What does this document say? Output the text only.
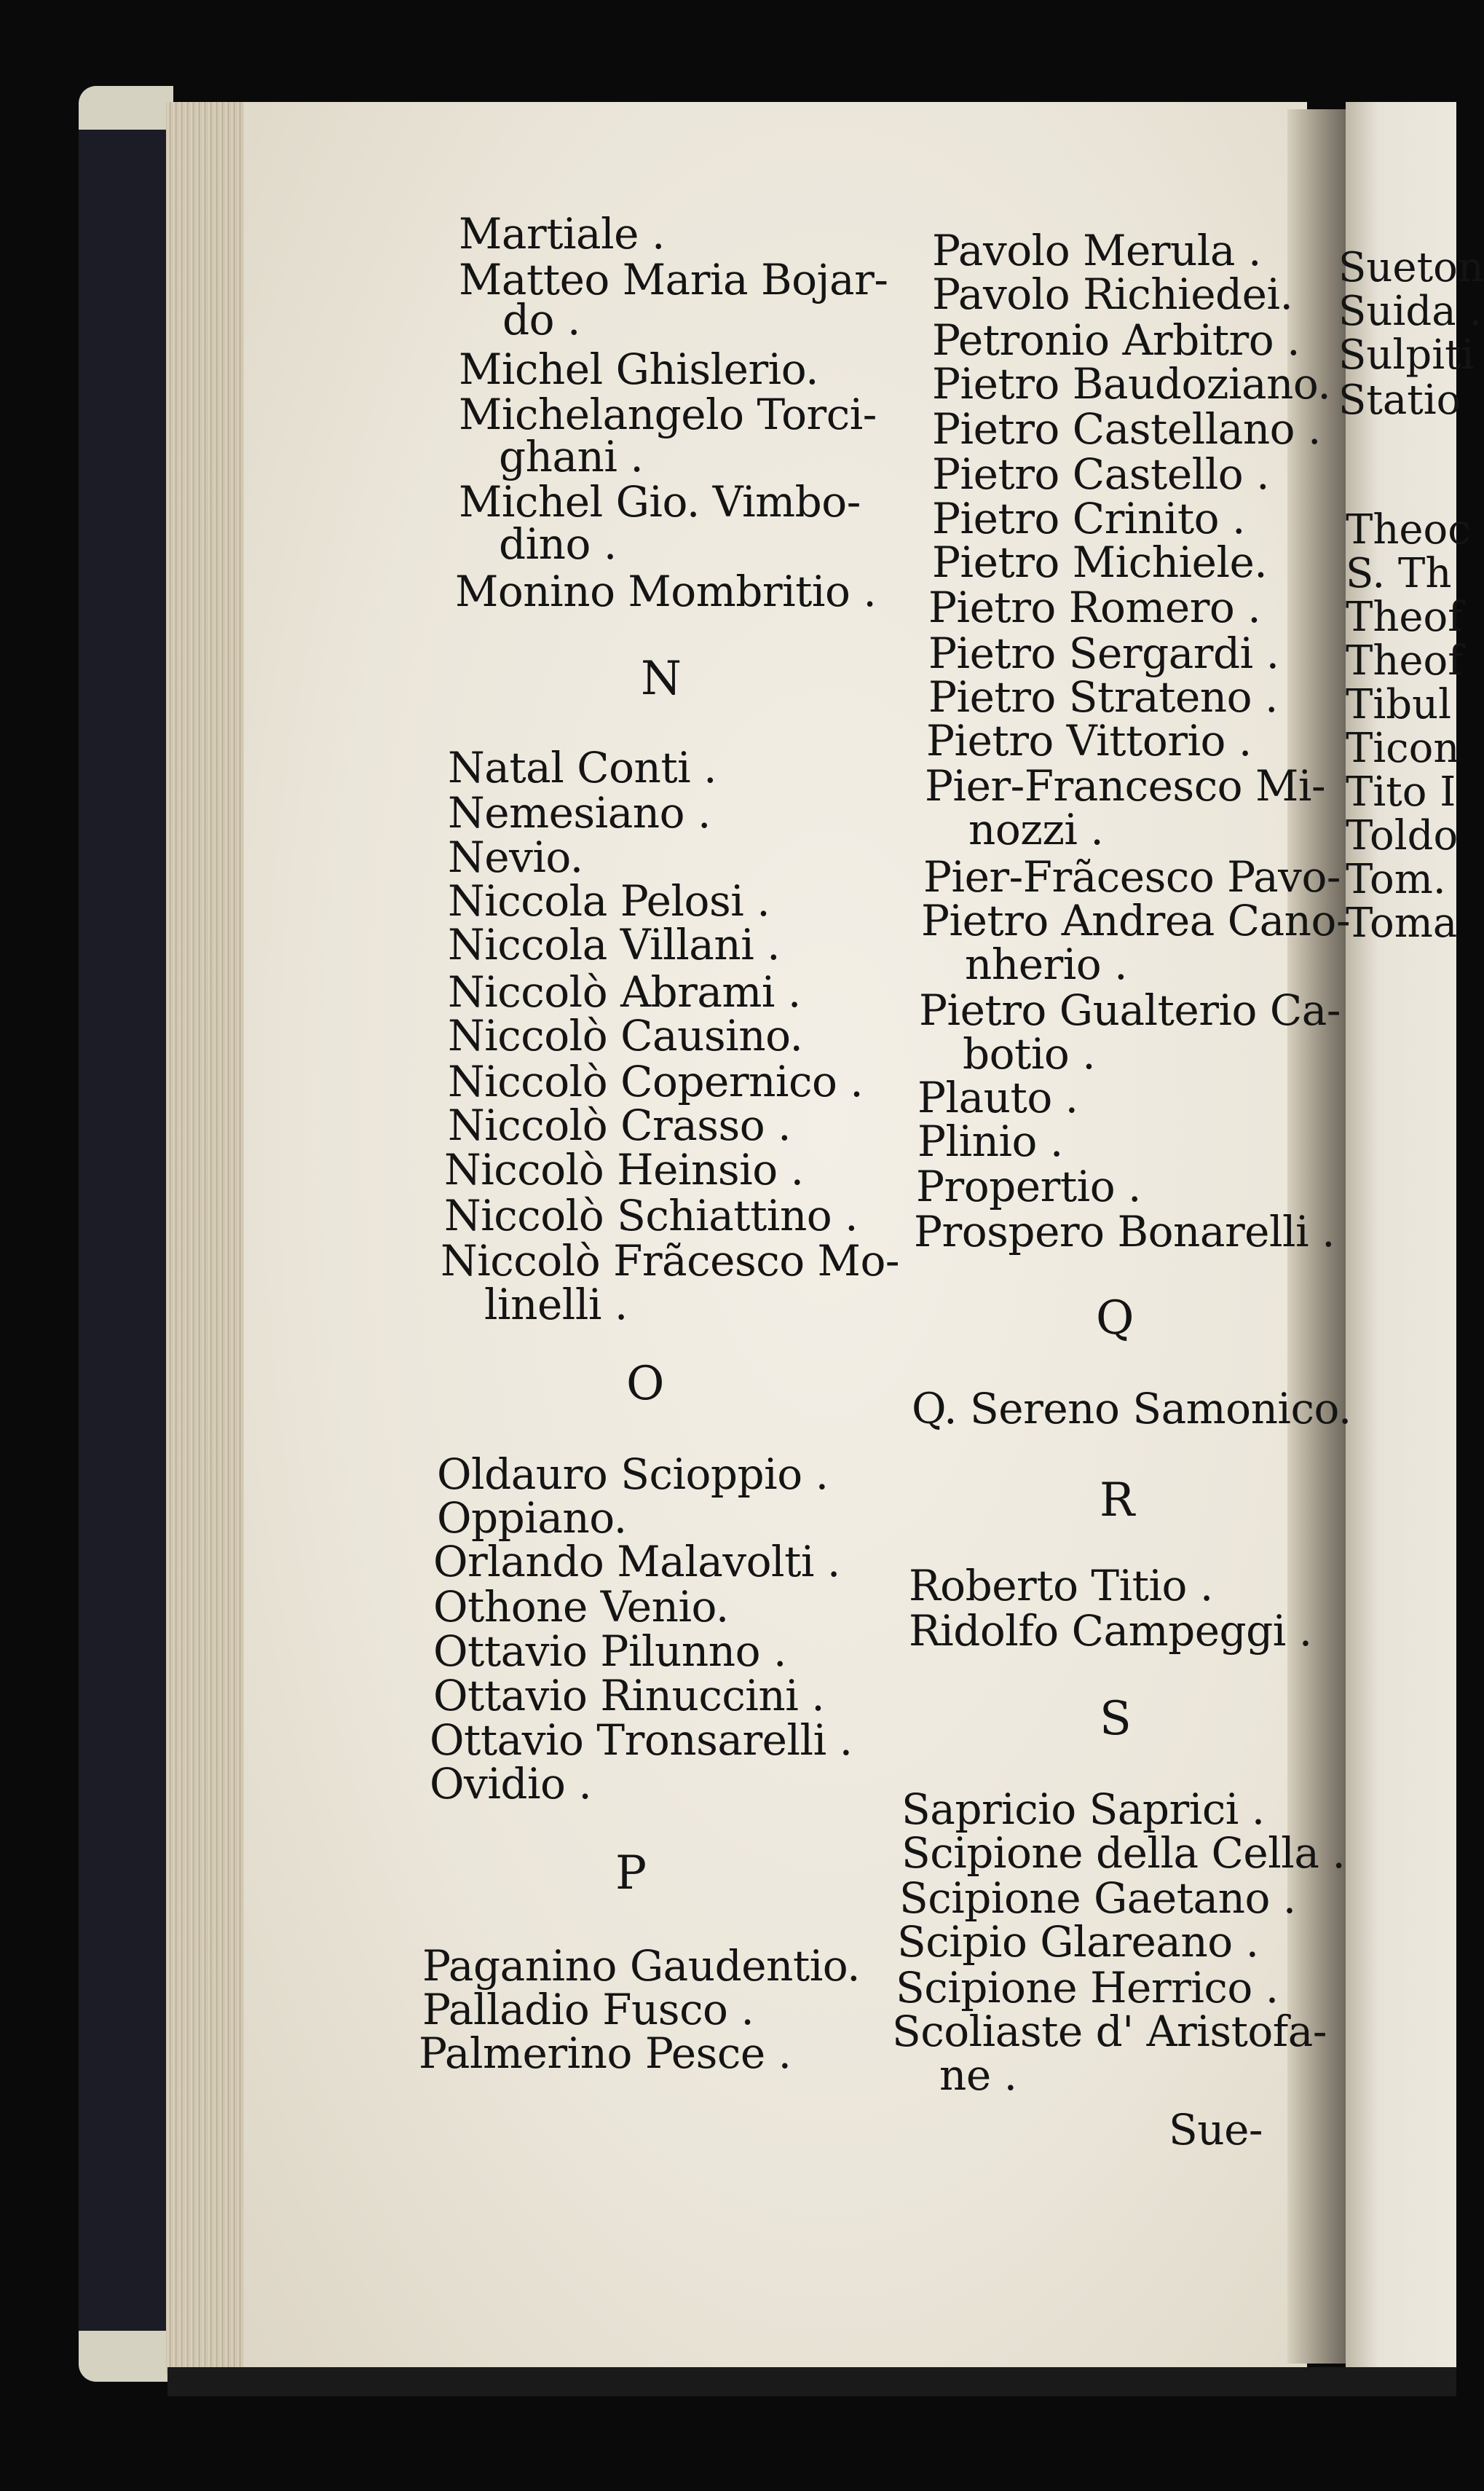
Martiale .
Matteo Maria Bojar-
do .
Michel Ghislerio.
Michelangelo Torci-
ghani .
Michel Gio. Vimbo-
dino .
Monino Mombritio .
N
Natal Conti .
Nemesiano .
Nevio.
Niccola Pelosi .
Niccola Villani .
Niccolò Abrami .
Niccolò Causino.
Niccolò Copernico .
Niccolò Crasso .
Niccolò Heinsio .
Niccolò Schiattino .
Niccolò Frãcesco Mo-
linelli .
O
Oldauro Scioppio .
Oppiano.
Orlando Malavolti .
Othone Venio.
Ottavio Pilunno .
Ottavio Rinuccini .
Ottavio Tronsarelli .
Ovidio .
P
Paganino Gaudentio.
Palladio Fusco .
Palmerino Pesce .
Pavolo Merula .
Pavolo Richiedei.
Petronio Arbitro .
Pietro Baudoziano.
Pietro Castellano .
Pietro Castello .
Pietro Crinito .
Pietro Michiele.
Pietro Romero .
Pietro Sergardi .
Pietro Strateno .
Pietro Vittorio .
Pier-Francesco Mi-
nozzi .
Pier-Frãcesco Pavo-
Pietro Andrea Cano-
nherio .
Pietro Gualterio Ca-
botio .
Plauto .
Plinio .
Propertio .
Prospero Bonarelli .
Q
Q. Sereno Samonico.
R
Roberto Titio .
Ridolfo Campeggi .
S
Sapricio Saprici .
Scipione della Cella .
Scipione Gaetano .
Scipio Glareano .
Scipione Herrico .
Scoliaste d' Aristofa-
ne .
Sue-
Sueton
Suida .
Sulpiti
Statio
Theoc
S. Th
Theof
Theof
Tibul
Ticon
Tito I
Toldo
Tom.
Toma
